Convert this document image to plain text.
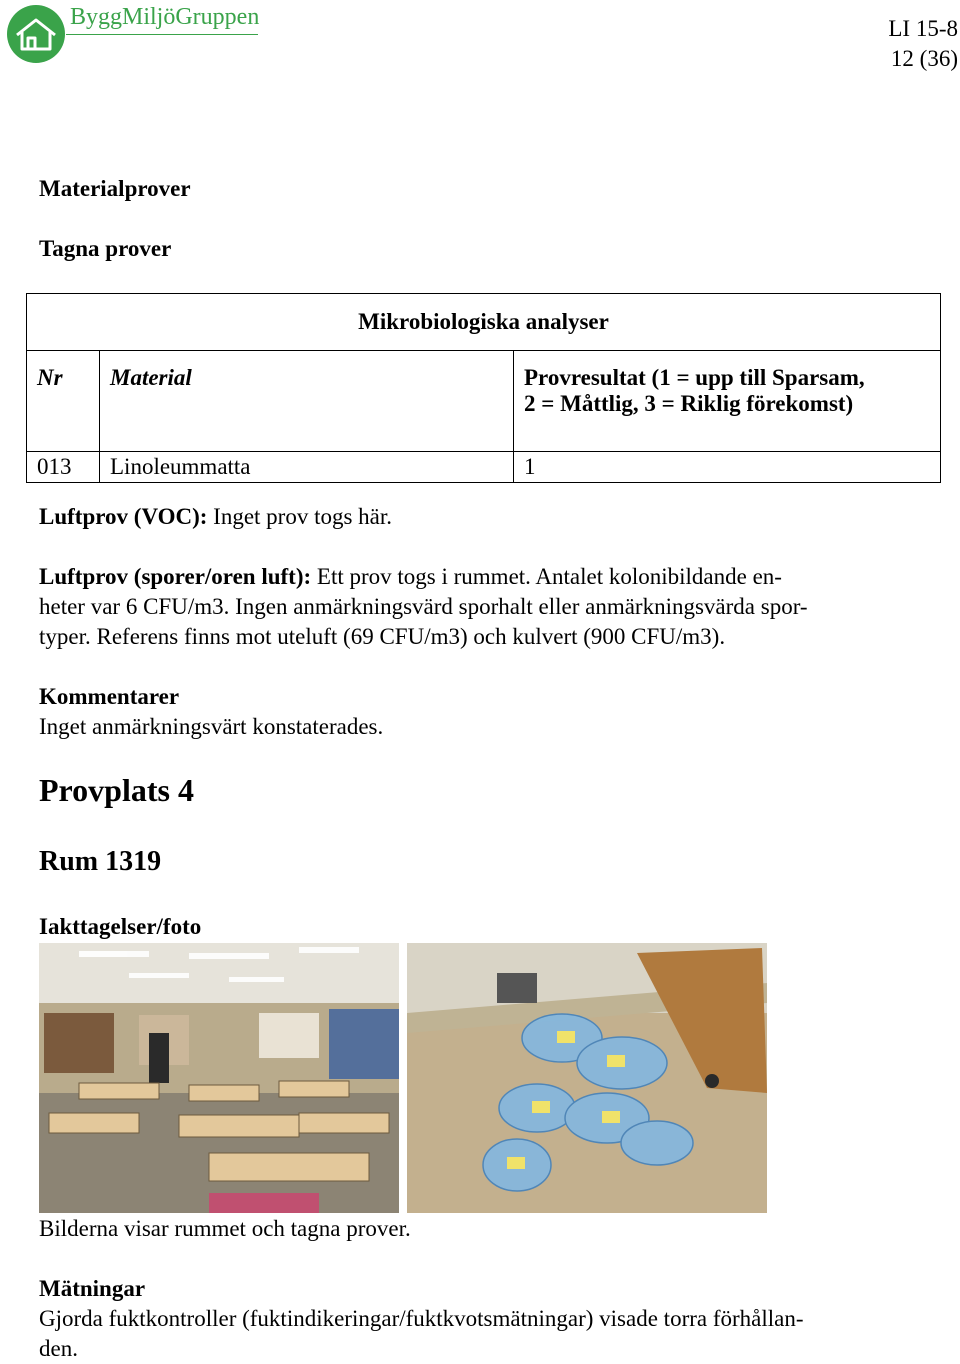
ByggMiljöGruppen	LI 15-8
12 (36)
Materialprover
Tagna prover
Mikrobiologiska analyser		
Nr	Material	Provresultat (1 = upp till Sparsam,
2 = Måttlig, 3 = Riklig förekomst)

013	Linoleummatta	1
Luftprov (VOC): Inget prov togs här.
Luftprov (sporer/oren luft): Ett prov togs i rummet. Antalet kolonibildande en-
heter var 6 CFU/m3. Ingen anmärkningsvärd sporhalt eller anmärkningsvärda spor-
typer. Referens finns mot uteluft (69 CFU/m3) och kulvert (900 CFU/m3).
Kommentarer
Inget anmärkningsvärt konstaterades.
Provplats 4
Rum 1319
Iakttagelser/foto
Bilderna visar rummet och tagna prover.
Mätningar
Gjorda fuktkontroller (fuktindikeringar/fuktkvotsmätningar) visade torra förhållan-
den.
